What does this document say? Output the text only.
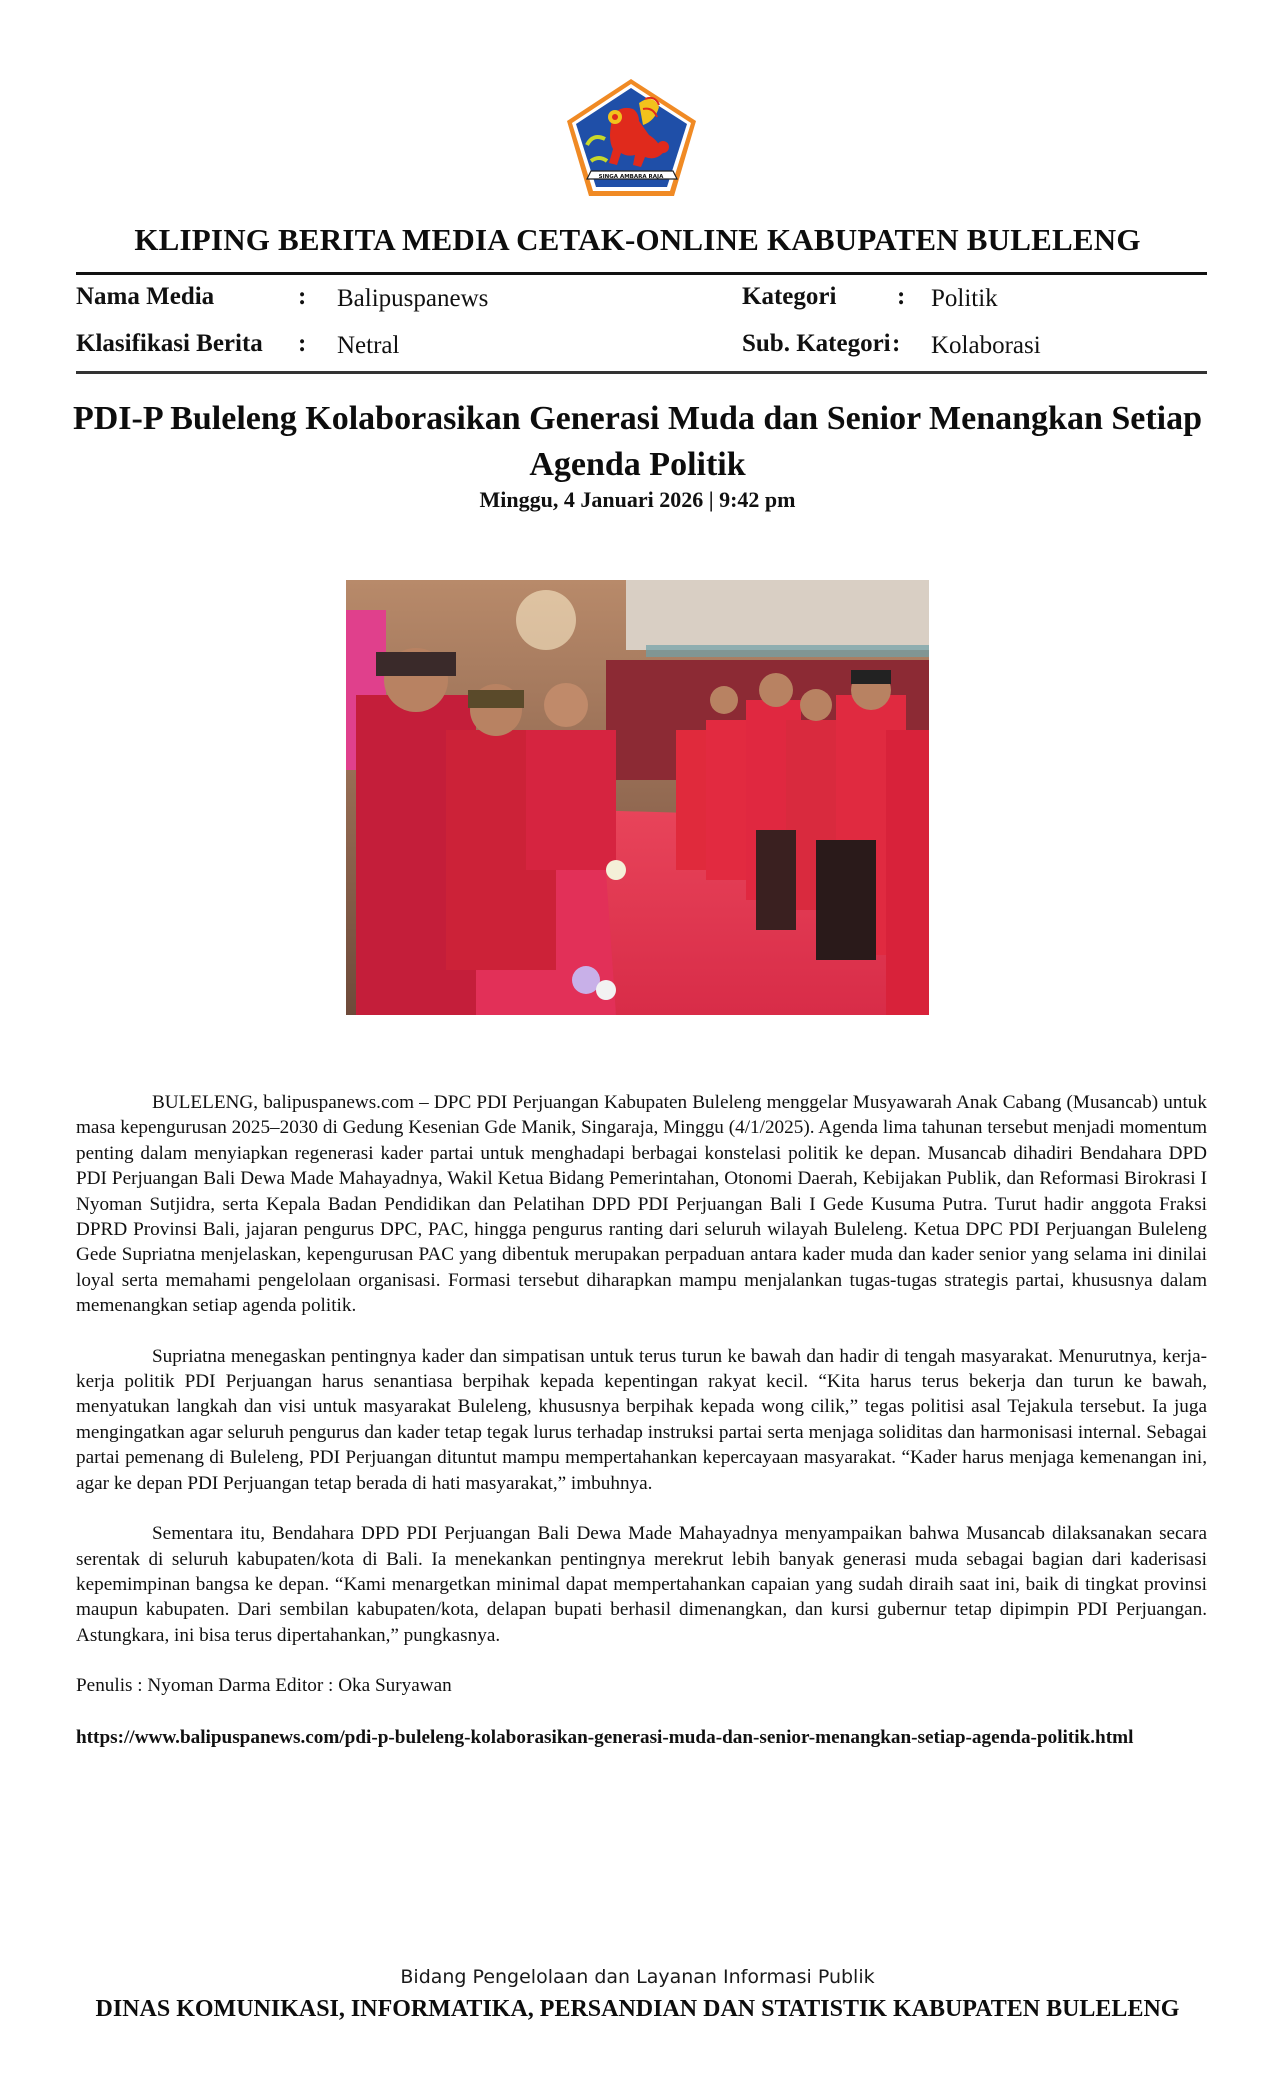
SINGA AMBARA RAJA
KLIPING BERITA MEDIA CETAK-ONLINE KABUPATEN BULELENG
Nama Media	: Balipuspanews
Klasifikasi Berita : Netral
Kategori : Politik
Sub. Kategori : Kolaborasi
PDI-P Buleleng Kolaborasikan Generasi Muda dan Senior Menangkan Setiap Agenda Politik
Minggu, 4 Januari 2026 | 9:42 pm

BULELENG, balipuspanews.com – DPC PDI Perjuangan Kabupaten Buleleng menggelar Musyawarah Anak Cabang (Musancab) untuk masa kepengurusan 2025–2030 di Gedung Kesenian Gde Manik, Singaraja, Minggu (4/1/2025). Agenda lima tahunan tersebut menjadi momentum penting dalam menyiapkan regenerasi kader partai untuk menghadapi berbagai konstelasi politik ke depan. Musancab dihadiri Bendahara DPD PDI Perjuangan Bali Dewa Made Mahayadnya, Wakil Ketua Bidang Pemerintahan, Otonomi Daerah, Kebijakan Publik, dan Reformasi Birokrasi I Nyoman Sutjidra, serta Kepala Badan Pendidikan dan Pelatihan DPD PDI Perjuangan Bali I Gede Kusuma Putra. Turut hadir anggota Fraksi DPRD Provinsi Bali, jajaran pengurus DPC, PAC, hingga pengurus ranting dari seluruh wilayah Buleleng. Ketua DPC PDI Perjuangan Buleleng Gede Supriatna menjelaskan, kepengurusan PAC yang dibentuk merupakan perpaduan antara kader muda dan kader senior yang selama ini dinilai loyal serta memahami pengelolaan organisasi. Formasi tersebut diharapkan mampu menjalankan tugas-tugas strategis partai, khususnya dalam memenangkan setiap agenda politik.

Supriatna menegaskan pentingnya kader dan simpatisan untuk terus turun ke bawah dan hadir di tengah masyarakat. Menurutnya, kerja-kerja politik PDI Perjuangan harus senantiasa berpihak kepada kepentingan rakyat kecil. “Kita harus terus bekerja dan turun ke bawah, menyatukan langkah dan visi untuk masyarakat Buleleng, khususnya berpihak kepada wong cilik,” tegas politisi asal Tejakula tersebut. Ia juga mengingatkan agar seluruh pengurus dan kader tetap tegak lurus terhadap instruksi partai serta menjaga soliditas dan harmonisasi internal. Sebagai partai pemenang di Buleleng, PDI Perjuangan dituntut mampu mempertahankan kepercayaan masyarakat. “Kader harus menjaga kemenangan ini, agar ke depan PDI Perjuangan tetap berada di hati masyarakat,” imbuhnya.

Sementara itu, Bendahara DPD PDI Perjuangan Bali Dewa Made Mahayadnya menyampaikan bahwa Musancab dilaksanakan secara serentak di seluruh kabupaten/kota di Bali. Ia menekankan pentingnya merekrut lebih banyak generasi muda sebagai bagian dari kaderisasi kepemimpinan bangsa ke depan. “Kami menargetkan minimal dapat mempertahankan capaian yang sudah diraih saat ini, baik di tingkat provinsi maupun kabupaten. Dari sembilan kabupaten/kota, delapan bupati berhasil dimenangkan, dan kursi gubernur tetap dipimpin PDI Perjuangan. Astungkara, ini bisa terus dipertahankan,” pungkasnya.

Penulis : Nyoman Darma Editor : Oka Suryawan
https://www.balipuspanews.com/pdi-p-buleleng-kolaborasikan-generasi-muda-dan-senior-menangkan-setiap-agenda-politik.html
Bidang Pengelolaan dan Layanan Informasi Publik
DINAS KOMUNIKASI, INFORMATIKA, PERSANDIAN DAN STATISTIK KABUPATEN BULELENG
